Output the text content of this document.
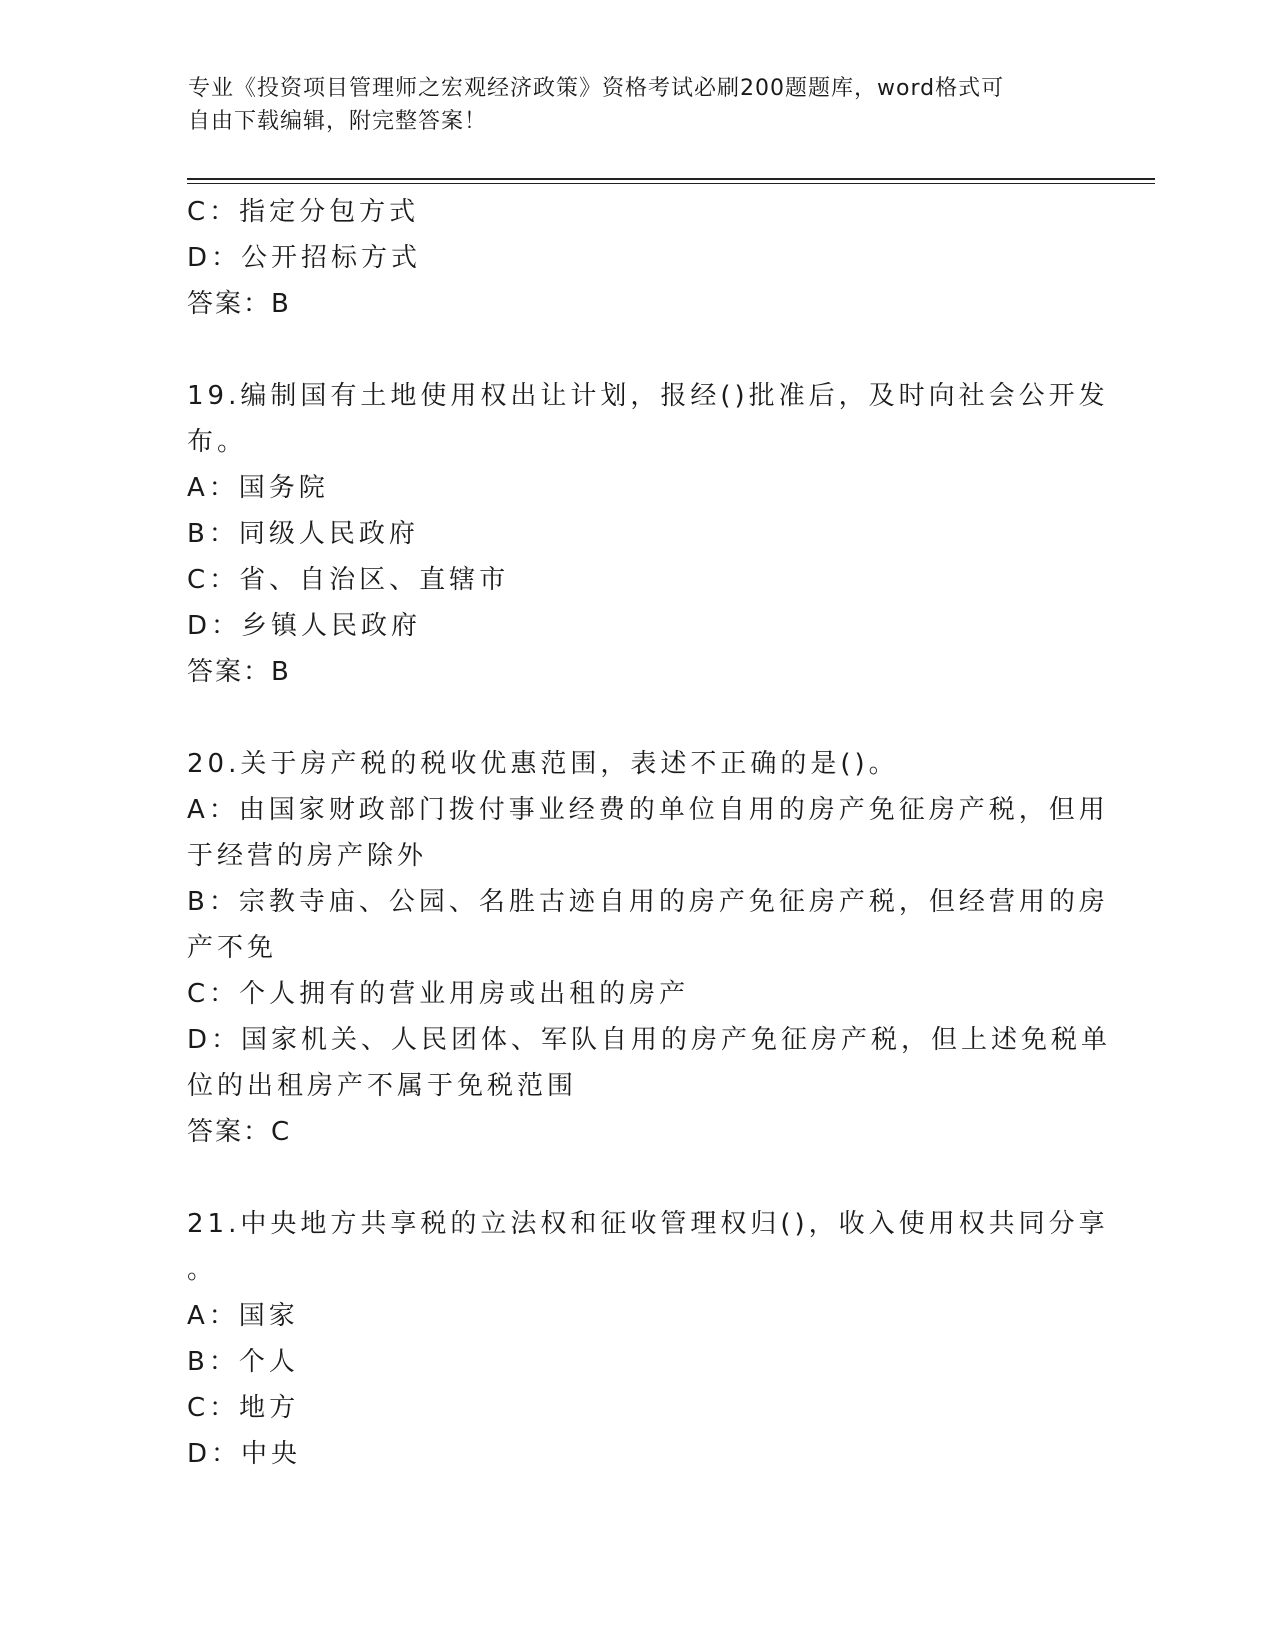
专业《投资项目管理师之宏观经济政策》资格考试必刷200题题库，word格式可
自由下载编辑，附完整答案！
C：指定分包方式
D：公开招标方式
答案：B
19.编制国有土地使用权出让计划，报经()批准后，及时向社会公开发
布。
A：国务院
B：同级人民政府
C：省、自治区、直辖市
D：乡镇人民政府
答案：B
20.关于房产税的税收优惠范围，表述不正确的是()。
A：由国家财政部门拨付事业经费的单位自用的房产免征房产税，但用
于经营的房产除外
B：宗教寺庙、公园、名胜古迹自用的房产免征房产税，但经营用的房
产不免
C：个人拥有的营业用房或出租的房产
D：国家机关、人民团体、军队自用的房产免征房产税，但上述免税单
位的出租房产不属于免税范围
答案：C
21.中央地方共享税的立法权和征收管理权归()，收入使用权共同分享
。
A：国家
B：个人
C：地方
D：中央
